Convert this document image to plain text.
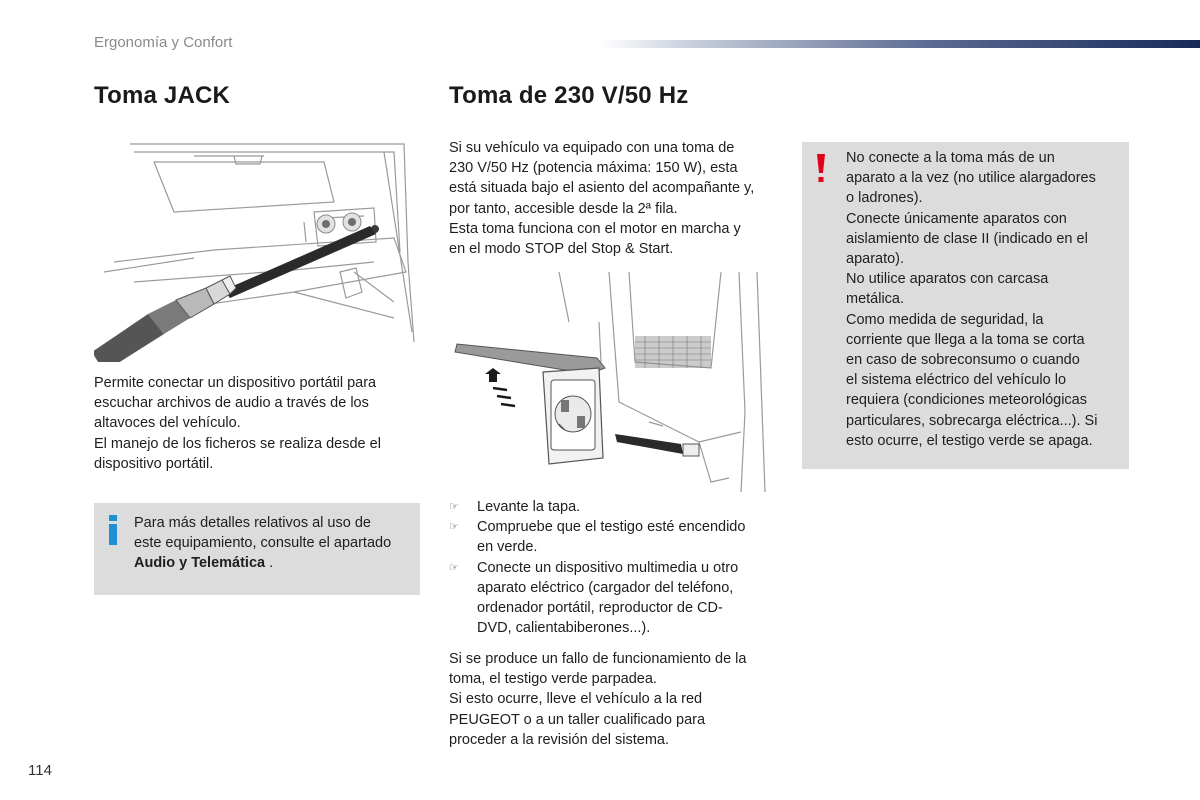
Ergonomía y Confort
Toma JACK	Toma de 230 V/50 Hz

Permite conectar un dispositivo portátil para

escuchar archivos de audio a través de los

altavoces del vehículo.

El manejo de los ficheros se realiza desde el

dispositivo portátil.

Para más detalles relativos al uso de
este equipamiento, consulte el apartado
Audio y Telemática .

Si su vehículo va equipado con una toma de

230 V/50 Hz (potencia máxima: 150 W), esta

está situada bajo el asiento del acompañante y,

por tanto, accesible desde la 2ª fila.

Esta toma funciona con el motor en marcha y

en el modo STOP del Stop & Start.

☞ Levante la tapa.
☞ Compruebe que el testigo esté encendido
en verde.
☞ Conecte un dispositivo multimedia u otro
aparato eléctrico (cargador del teléfono,
ordenador portátil, reproductor de CD-
DVD, calientabiberones...).

Si se produce un fallo de funcionamiento de la

toma, el testigo verde parpadea.

Si esto ocurre, lleve el vehículo a la red

PEUGEOT o a un taller cualificado para

proceder a la revisión del sistema.

No conecte a la toma más de un

aparato a la vez (no utilice alargadores

o ladrones).

Conecte únicamente aparatos con

aislamiento de clase II (indicado en el

aparato).

No utilice aparatos con carcasa

metálica.

Como medida de seguridad, la

corriente que llega a la toma se corta

en caso de sobreconsumo o cuando

el sistema eléctrico del vehículo lo

requiera (condiciones meteorológicas

particulares, sobrecarga eléctrica...). Si

esto ocurre, el testigo verde se apaga.

114
